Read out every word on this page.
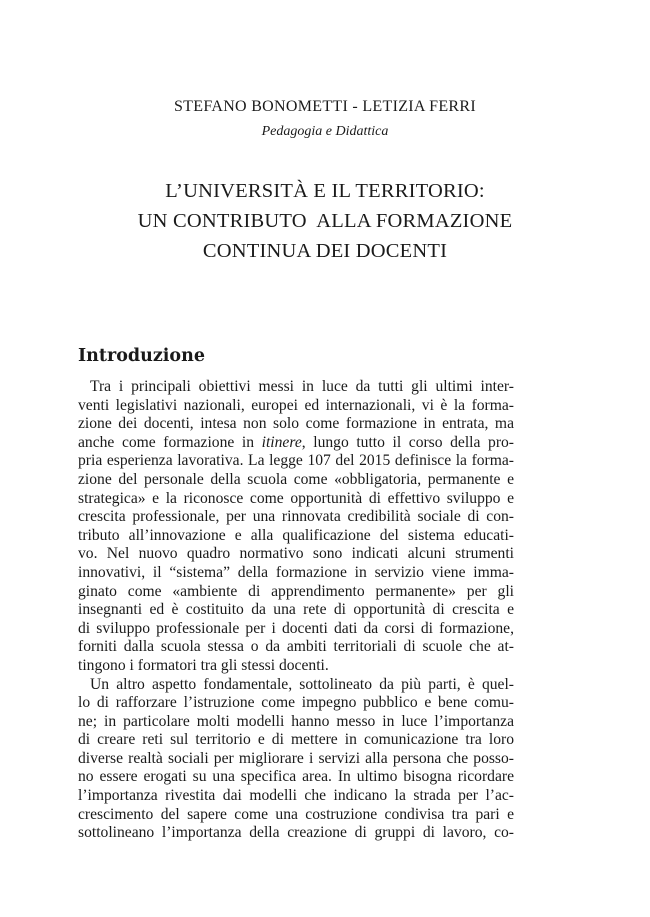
STEFANO BONOMETTI - LETIZIA FERRI
Pedagogia e Didattica
L’UNIVERSITÀ E IL TERRITORIO:
UN CONTRIBUTO  ALLA FORMAZIONE
CONTINUA DEI DOCENTI
Introduzione
Tra i principali obiettivi messi in luce da tutti gli ultimi inter-
venti legislativi nazionali, europei ed internazionali, vi è la forma-
zione dei docenti, intesa non solo come formazione in entrata, ma
anche come formazione in itinere, lungo tutto il corso della pro-
pria esperienza lavorativa. La legge 107 del 2015 definisce la forma-
zione del personale della scuola come «obbligatoria, permanente e
strategica» e la riconosce come opportunità di effettivo sviluppo e
crescita professionale, per una rinnovata credibilità sociale di con-
tributo all’innovazione e alla qualificazione del sistema educati-
vo. Nel nuovo quadro normativo sono indicati alcuni strumenti
innovativi, il “sistema” della formazione in servizio viene imma-
ginato come «ambiente di apprendimento permanente» per gli
insegnanti ed è costituito da una rete di opportunità di crescita e
di sviluppo professionale per i docenti dati da corsi di formazione,
forniti dalla scuola stessa o da ambiti territoriali di scuole che at-
tingono i formatori tra gli stessi docenti.
Un altro aspetto fondamentale, sottolineato da più parti, è quel-
lo di rafforzare l’istruzione come impegno pubblico e bene comu-
ne; in particolare molti modelli hanno messo in luce l’importanza
di creare reti sul territorio e di mettere in comunicazione tra loro
diverse realtà sociali per migliorare i servizi alla persona che posso-
no essere erogati su una specifica area. In ultimo bisogna ricordare
l’importanza rivestita dai modelli che indicano la strada per l’ac-
crescimento del sapere come una costruzione condivisa tra pari e
sottolineano l’importanza della creazione di gruppi di lavoro, co-
